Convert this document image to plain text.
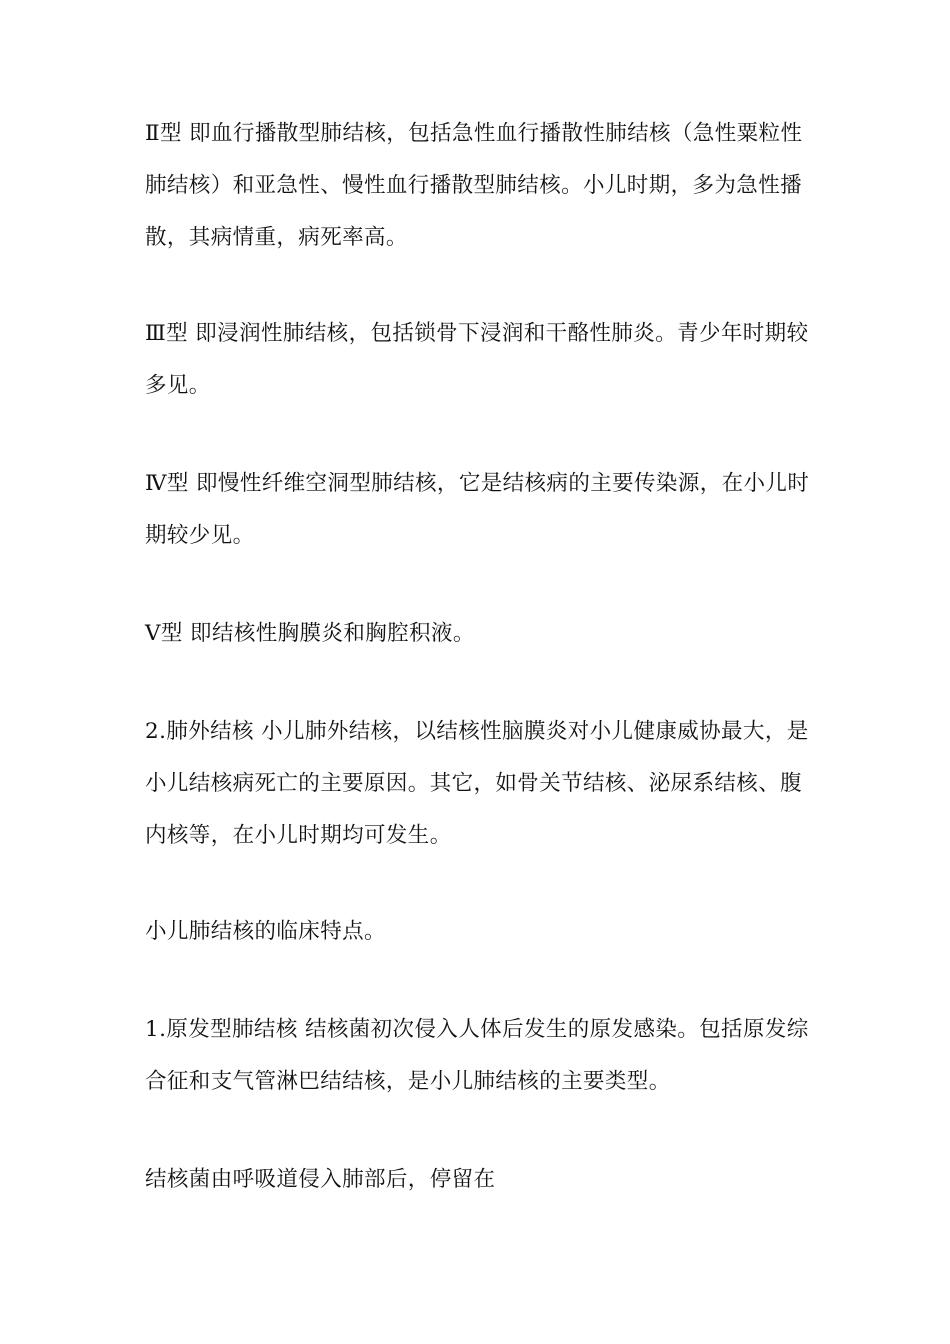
Ⅱ型 即血行播散型肺结核，包括急性血行播散性肺结核（急性粟粒性肺结核）和亚急性、慢性血行播散型肺结核。小儿时期，多为急性播散，其病情重，病死率高。

Ⅲ型 即浸润性肺结核，包括锁骨下浸润和干酪性肺炎。青少年时期较多见。

Ⅳ型 即慢性纤维空洞型肺结核，它是结核病的主要传染源，在小儿时期较少见。

Ⅴ型 即结核性胸膜炎和胸腔积液。

2.肺外结核 小儿肺外结核，以结核性脑膜炎对小儿健康威协最大，是小儿结核病死亡的主要原因。其它，如骨关节结核、泌尿系结核、腹内核等，在小儿时期均可发生。

小儿肺结核的临床特点。

1.原发型肺结核 结核菌初次侵入人体后发生的原发感染。包括原发综合征和支气管淋巴结结核，是小儿肺结核的主要类型。

结核菌由呼吸道侵入肺部后，停留在
